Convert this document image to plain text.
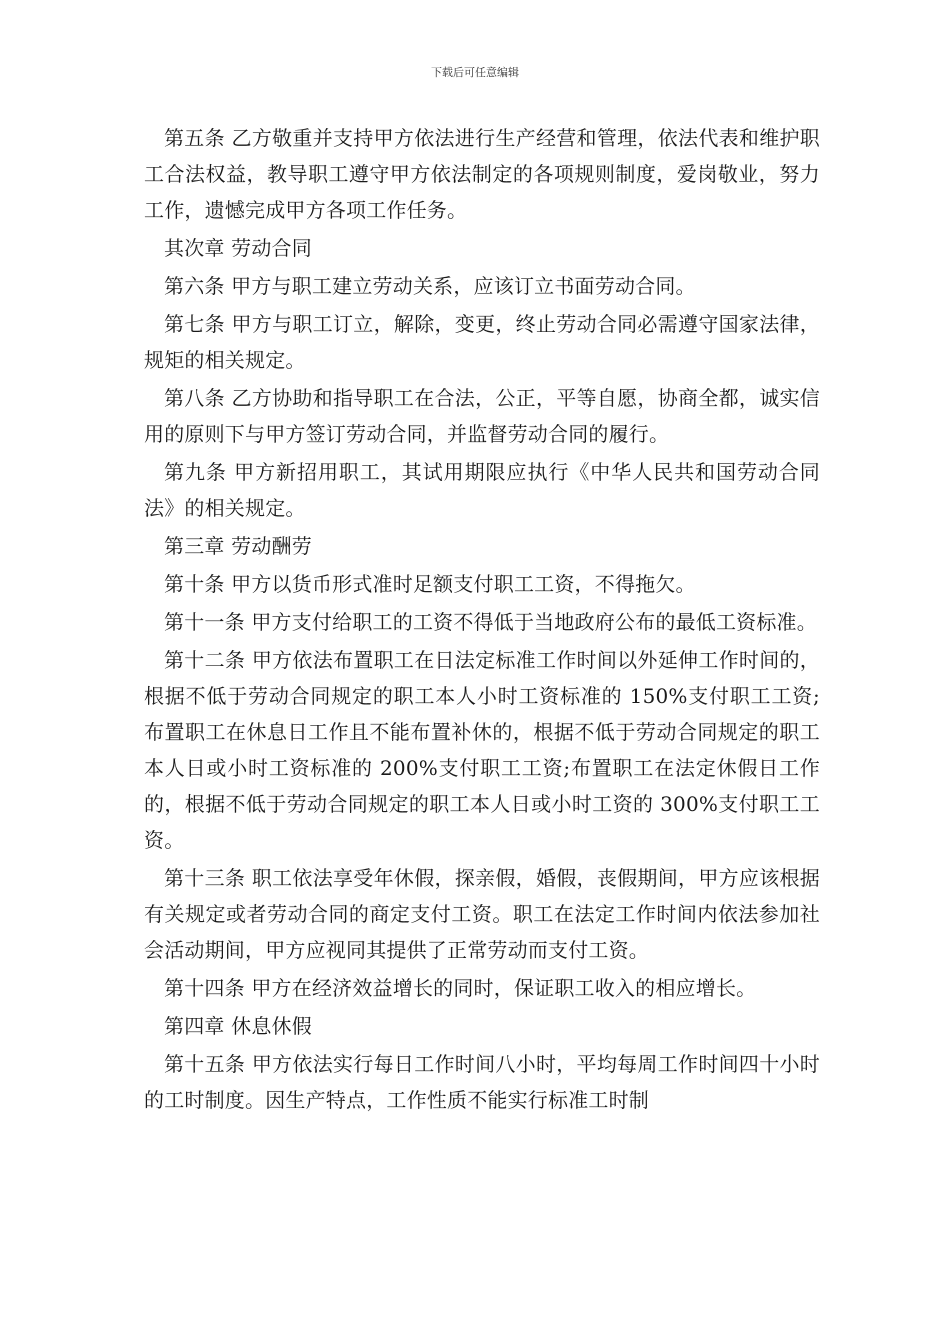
下载后可任意编辑

第五条 乙方敬重并支持甲方依法进行生产经营和管理，依法代表和维护职工合法权益，教导职工遵守甲方依法制定的各项规则制度，爱岗敬业，努力工作，遗憾完成甲方各项工作任务。

其次章 劳动合同

第六条 甲方与职工建立劳动关系，应该订立书面劳动合同。

第七条 甲方与职工订立，解除，变更，终止劳动合同必需遵守国家法律，规矩的相关规定。

第八条 乙方协助和指导职工在合法，公正，平等自愿，协商全都，诚实信用的原则下与甲方签订劳动合同，并监督劳动合同的履行。

第九条 甲方新招用职工，其试用期限应执行《中华人民共和国劳动合同法》的相关规定。

第三章 劳动酬劳

第十条 甲方以货币形式准时足额支付职工工资，不得拖欠。

第十一条 甲方支付给职工的工资不得低于当地政府公布的最低工资标准。

第十二条 甲方依法布置职工在日法定标准工作时间以外延伸工作时间的，根据不低于劳动合同规定的职工本人小时工资标准的 150%支付职工工资;布置职工在休息日工作且不能布置补休的，根据不低于劳动合同规定的职工本人日或小时工资标准的 200%支付职工工资;布置职工在法定休假日工作的，根据不低于劳动合同规定的职工本人日或小时工资的 300%支付职工工资。

第十三条 职工依法享受年休假，探亲假，婚假，丧假期间，甲方应该根据有关规定或者劳动合同的商定支付工资。职工在法定工作时间内依法参加社会活动期间，甲方应视同其提供了正常劳动而支付工资。

第十四条 甲方在经济效益增长的同时，保证职工收入的相应增长。

第四章 休息休假

第十五条 甲方依法实行每日工作时间八小时，平均每周工作时间四十小时的工时制度。因生产特点，工作性质不能实行标准工时制
